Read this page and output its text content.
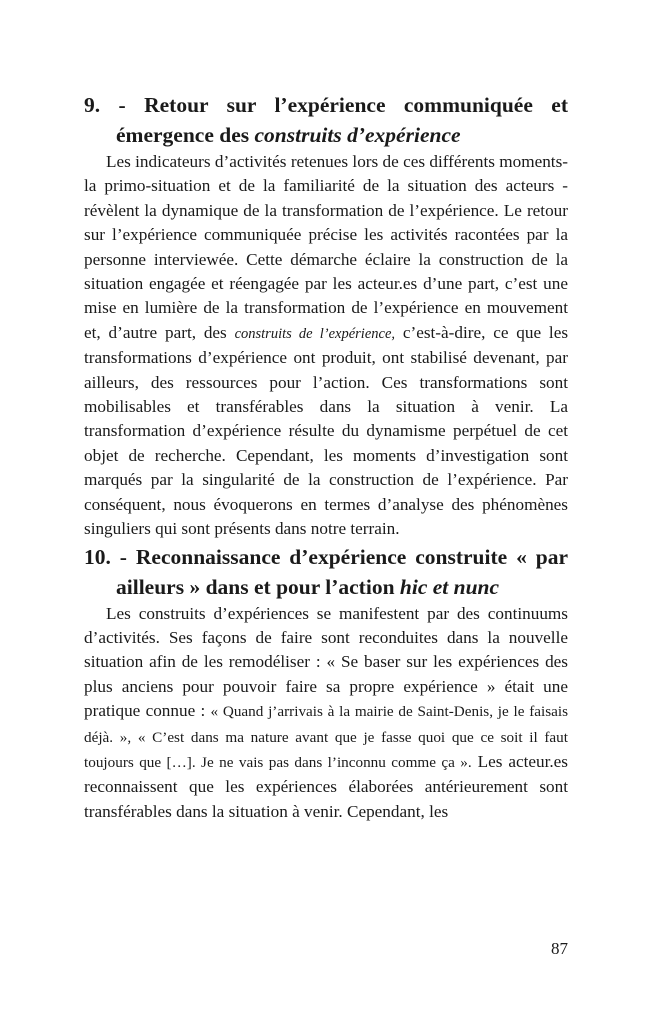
9. - Retour sur l’expérience communiquée et émergence des construits d’expérience

Les indicateurs d’activités retenues lors de ces différents moments- la primo-situation et de la familiarité de la situation des acteurs - révèlent la dynamique de la transformation de l’expérience. Le retour sur l’expérience communiquée précise les activités racontées par la personne interviewée. Cette démarche éclaire la construction de la situation engagée et réengagée par les acteur.es d’une part, c’est une mise en lumière de la transformation de l’expérience en mouvement et, d’autre part, des construits de l’expérience, c’est-à-dire, ce que les transformations d’expérience ont produit, ont stabilisé devenant, par ailleurs, des ressources pour l’action. Ces transformations sont mobilisables et transférables dans la situation à venir. La transformation d’expérience résulte du dynamisme perpétuel de cet objet de recherche. Cependant, les moments d’investigation sont marqués par la singularité de la construction de l’expérience. Par conséquent, nous évoquerons en termes d’analyse des phénomènes singuliers qui sont présents dans notre terrain.

10. - Reconnaissance d’expérience construite « par ailleurs » dans et pour l’action hic et nunc

Les construits d’expériences se manifestent par des continuums d’activités. Ses façons de faire sont reconduites dans la nouvelle situation afin de les remodéliser : « Se baser sur les expériences des plus anciens pour pouvoir faire sa propre expérience » était une pratique connue : « Quand j’arrivais à la mairie de Saint-Denis, je le faisais déjà. », « C’est dans ma nature avant que je fasse quoi que ce soit il faut toujours que […]. Je ne vais pas dans l’inconnu comme ça ». Les acteur.es reconnaissent que les expériences élaborées antérieurement sont transférables dans la situation à venir. Cependant, les

87
